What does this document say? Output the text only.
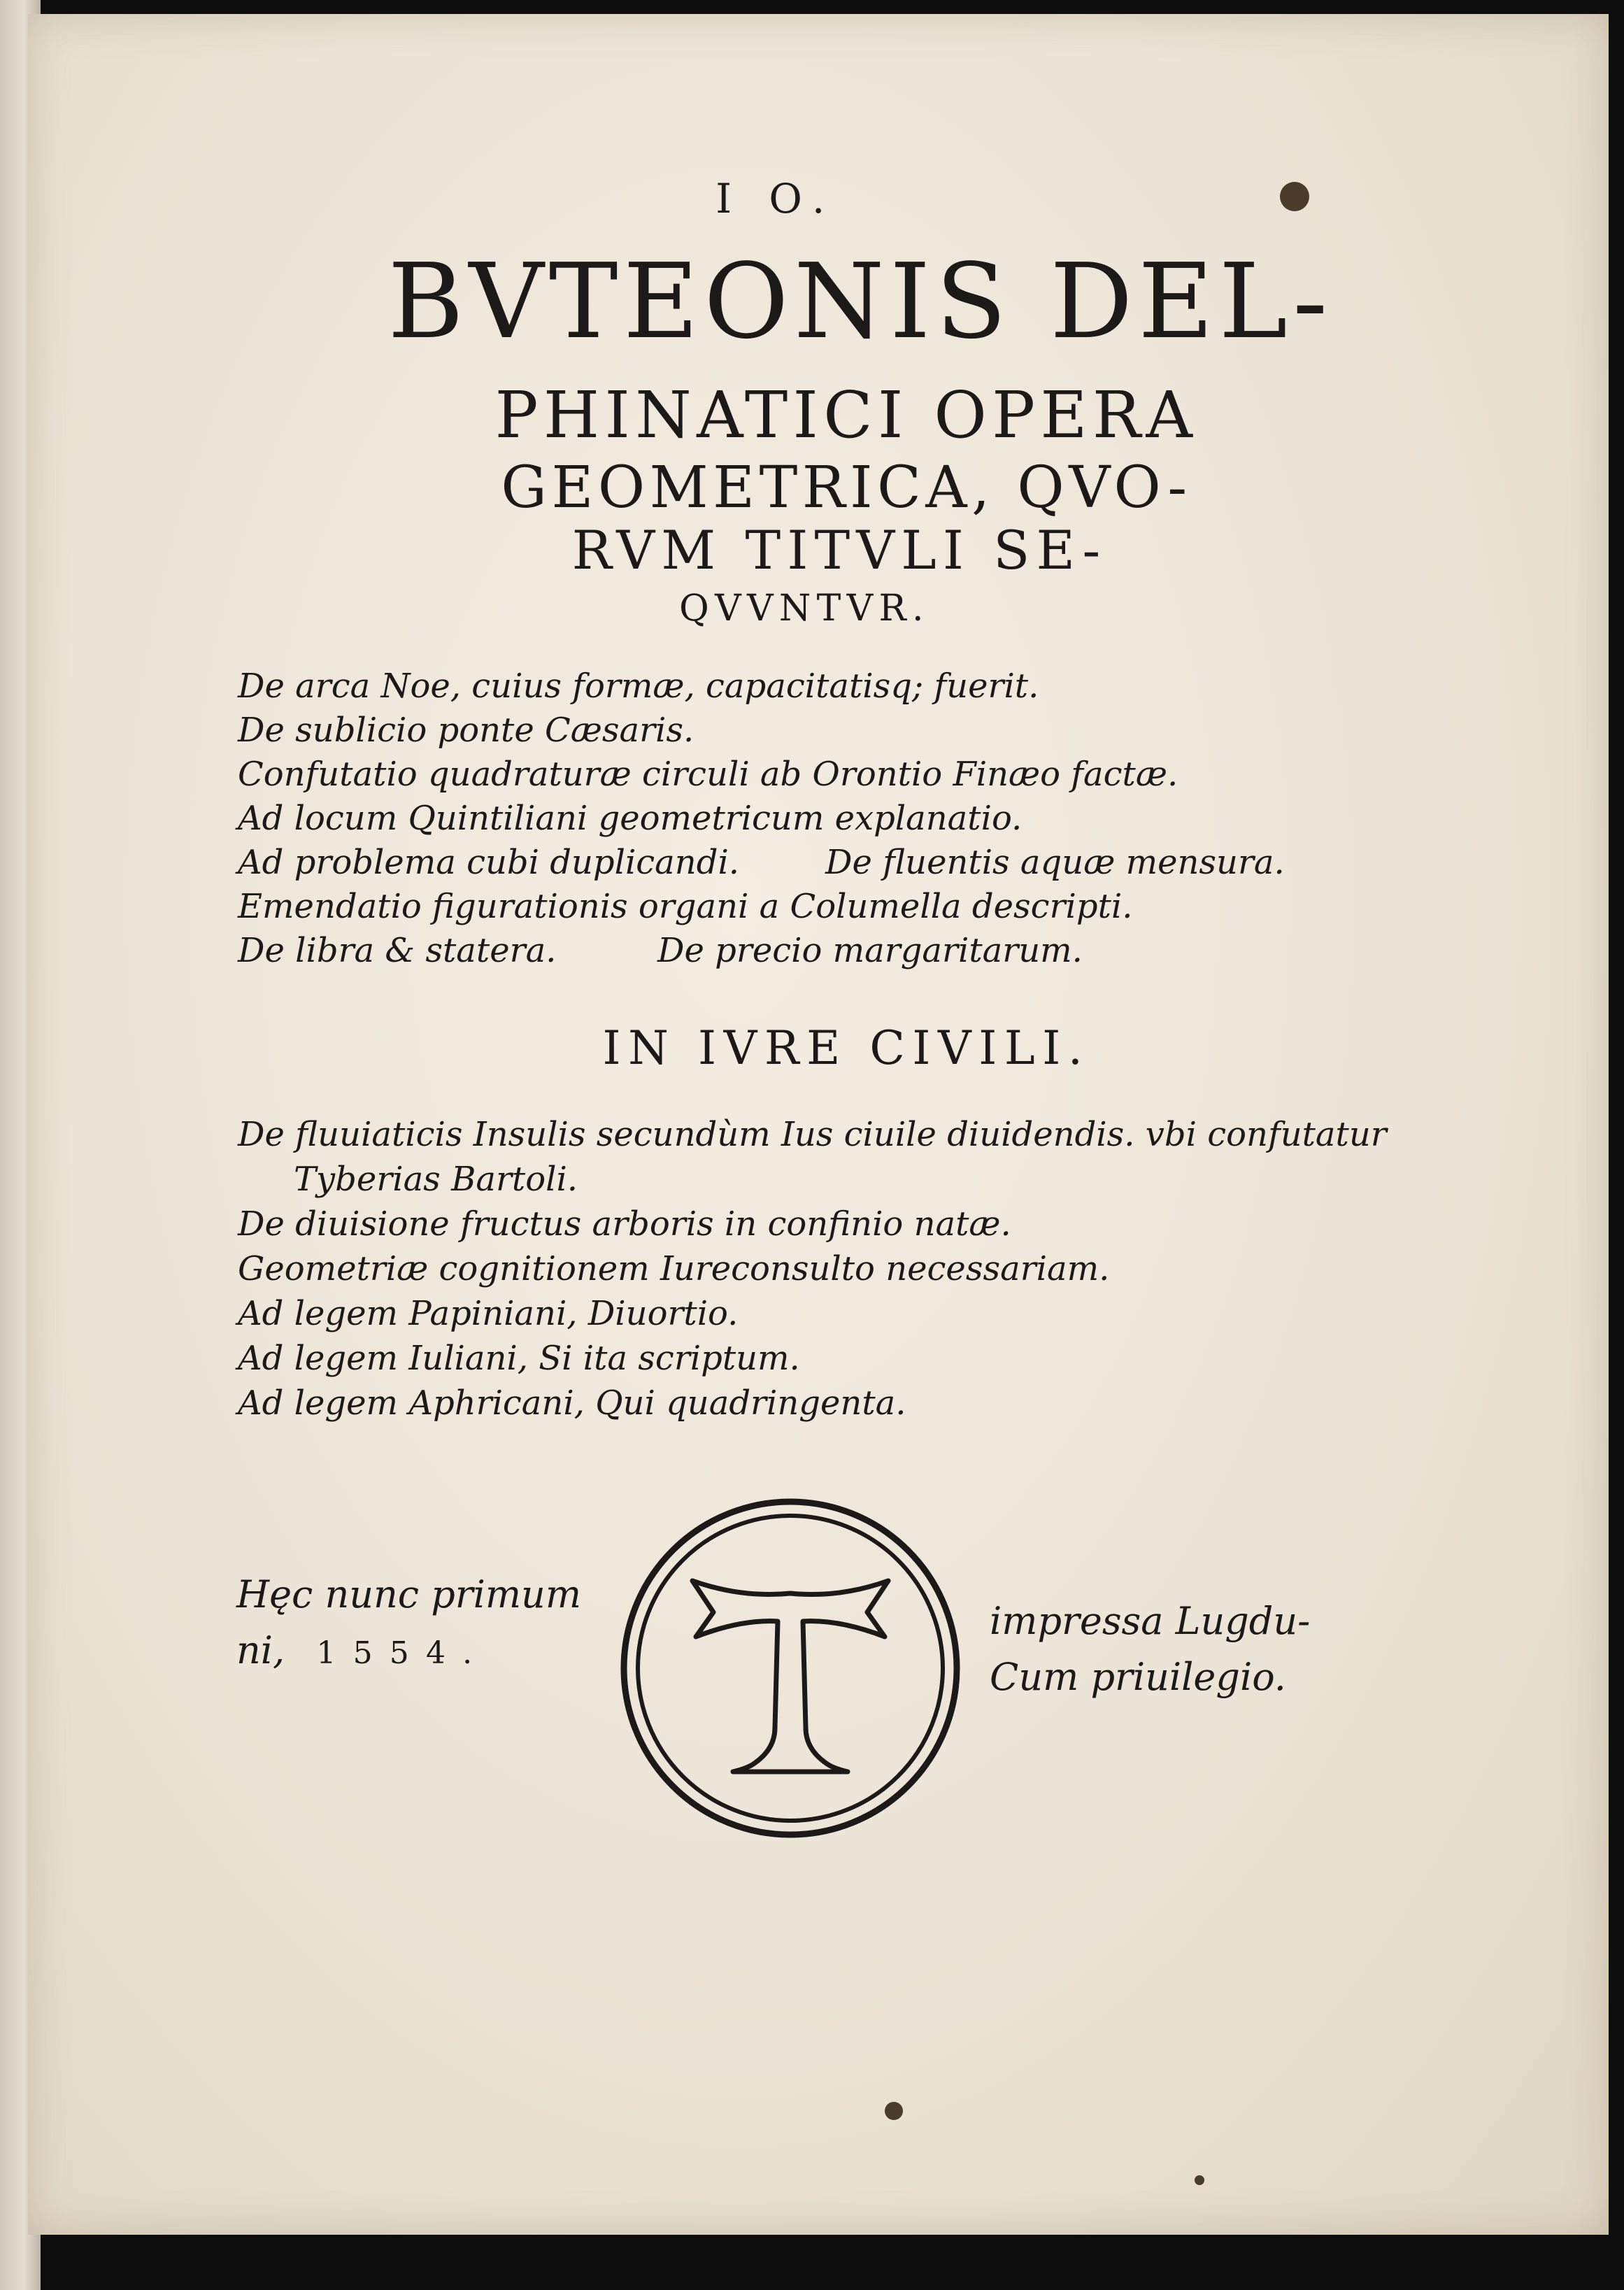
I O.
BVTEONIS DEL-
PHINATICI OPERA
GEOMETRICA, QVO-
RVM TITVLI SE-
QVVNTVR.
De arca Noe, cuius formæ, capacitatisq; fuerit.
De sublicio ponte Cæsaris.
Confutatio quadraturæ circuli ab Orontio Finæo factæ.
Ad locum Quintiliani geometricum explanatio.
Ad problema cubi duplicandi.	De fluentis aquæ mensura.
Emendatio figurationis organi a Columella descripti.
De libra & statera.	De precio margaritarum.
IN IVRE CIVILI.
De fluuiaticis Insulis secundùm Ius ciuile diuidendis. vbi confutatur
Tyberias Bartoli.
De diuisione fructus arboris in confinio natæ.
Geometriæ cognitionem Iureconsulto necessariam.
Ad legem Papiniani, Diuortio.
Ad legem Iuliani, Si ita scriptum.
Ad legem Aphricani, Qui quadringenta.
Hęc nunc primum
ni, 1554.
impressa Lugdu-
Cum priuilegio.
